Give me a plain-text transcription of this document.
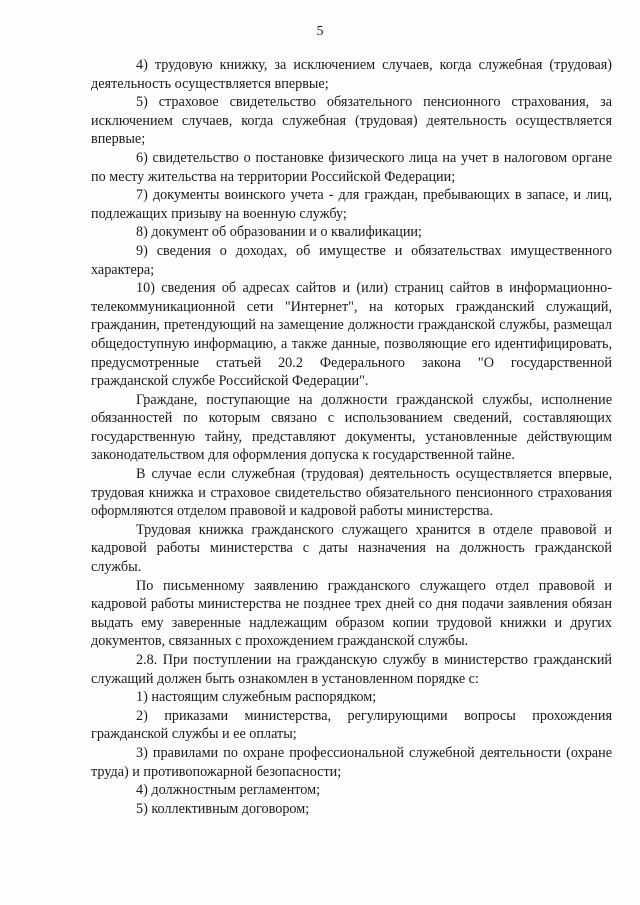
5

4) трудовую книжку, за исключением случаев, когда служебная (трудовая) деятельность осуществляется впервые;

5) страховое свидетельство обязательного пенсионного страхования, за исключением случаев, когда служебная (трудовая) деятельность осуществляется впервые;

6) свидетельство о постановке физического лица на учет в налоговом органе по месту жительства на территории Российской Федерации;

7) документы воинского учета - для граждан, пребывающих в запасе, и лиц, подлежащих призыву на военную службу;

8) документ об образовании и о квалификации;

9) сведения о доходах, об имуществе и обязательствах имущественного характера;

10) сведения об адресах сайтов и (или) страниц сайтов в информационно-телекоммуникационной сети "Интернет", на которых гражданский служащий, гражданин, претендующий на замещение должности гражданской службы, размещал общедоступную информацию, а также данные, позволяющие его идентифицировать, предусмотренные статьей 20.2 Федерального закона "О государственной гражданской службе Российской Федерации".

Граждане, поступающие на должности гражданской службы, исполнение обязанностей по которым связано с использованием сведений, составляющих государственную тайну, представляют документы, установленные действующим законодательством для оформления допуска к государственной тайне.

В случае если служебная (трудовая) деятельность осуществляется впервые, трудовая книжка и страховое свидетельство обязательного пенсионного страхования оформляются отделом правовой и кадровой работы министерства.

Трудовая книжка гражданского служащего хранится в отделе правовой и кадровой работы министерства с даты назначения на должность гражданской службы.

По письменному заявлению гражданского служащего отдел правовой и кадровой работы министерства не позднее трех дней со дня подачи заявления обязан выдать ему заверенные надлежащим образом копии трудовой книжки и других документов, связанных с прохождением гражданской службы.

2.8. При поступлении на гражданскую службу в министерство гражданский служащий должен быть ознакомлен в установленном порядке с:

1) настоящим служебным распорядком;

2) приказами министерства, регулирующими вопросы прохождения гражданской службы и ее оплаты;

3) правилами по охране профессиональной служебной деятельности (охране труда) и противопожарной безопасности;

4) должностным регламентом;

5) коллективным договором;
